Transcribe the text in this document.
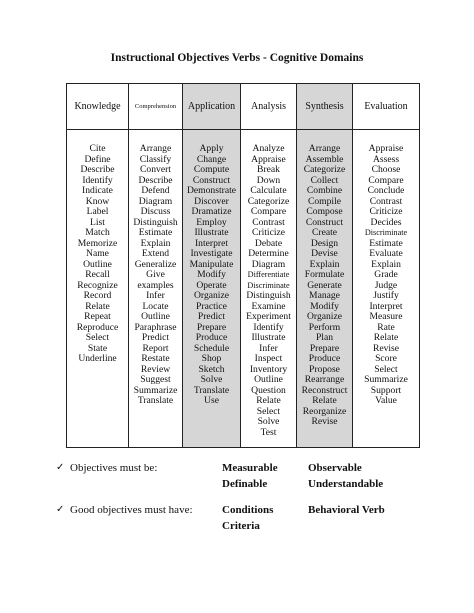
Instructional Objectives Verbs - Cognitive Domains
Knowledge
Cite
Define
Describe
Identify
Indicate
Know
Label
List
Match
Memorize
Name
Outline
Recall
Recognize
Record
Relate
Repeat
Reproduce
Select
State
Underline
Comprehension
Arrange
Classify
Convert
Describe
Defend
Diagram
Discuss
Distinguish
Estimate
Explain
Extend
Generalize
Give
examples
Infer
Locate
Outline
Paraphrase
Predict
Report
Restate
Review
Suggest
Summarize
Translate
Application
Apply
Change
Compute
Construct
Demonstrate
Discover
Dramatize
Employ
Illustrate
Interpret
Investigate
Manipulate
Modify
Operate
Organize
Practice
Predict
Prepare
Produce
Schedule
Shop
Sketch
Solve
Translate
Use
Analysis
Analyze
Appraise
Break
Down
Calculate
Categorize
Compare
Contrast
Criticize
Debate
Determine
Diagram
Differentiate
Discriminate
Distinguish
Examine
Experiment
Identify
Illustrate
Infer
Inspect
Inventory
Outline
Question
Relate
Select
Solve
Test
Synthesis
Arrange
Assemble
Categorize
Collect
Combine
Compile
Compose
Construct
Create
Design
Devise
Explain
Formulate
Generate
Manage
Modify
Organize
Perform
Plan
Prepare
Produce
Propose
Rearrange
Reconstruct
Relate
Reorganize
Revise
Evaluation
Appraise
Assess
Choose
Compare
Conclude
Contrast
Criticize
Decides
Discriminate
Estimate
Evaluate
Explain
Grade
Judge
Justify
Interpret
Measure
Rate
Relate
Revise
Score
Select
Summarize
Support
Value
✓ Objectives must be:	Measurable
Definable
Observable
Understandable
✓ Good objectives must have:	Conditions
Criteria
Behavioral Verb
